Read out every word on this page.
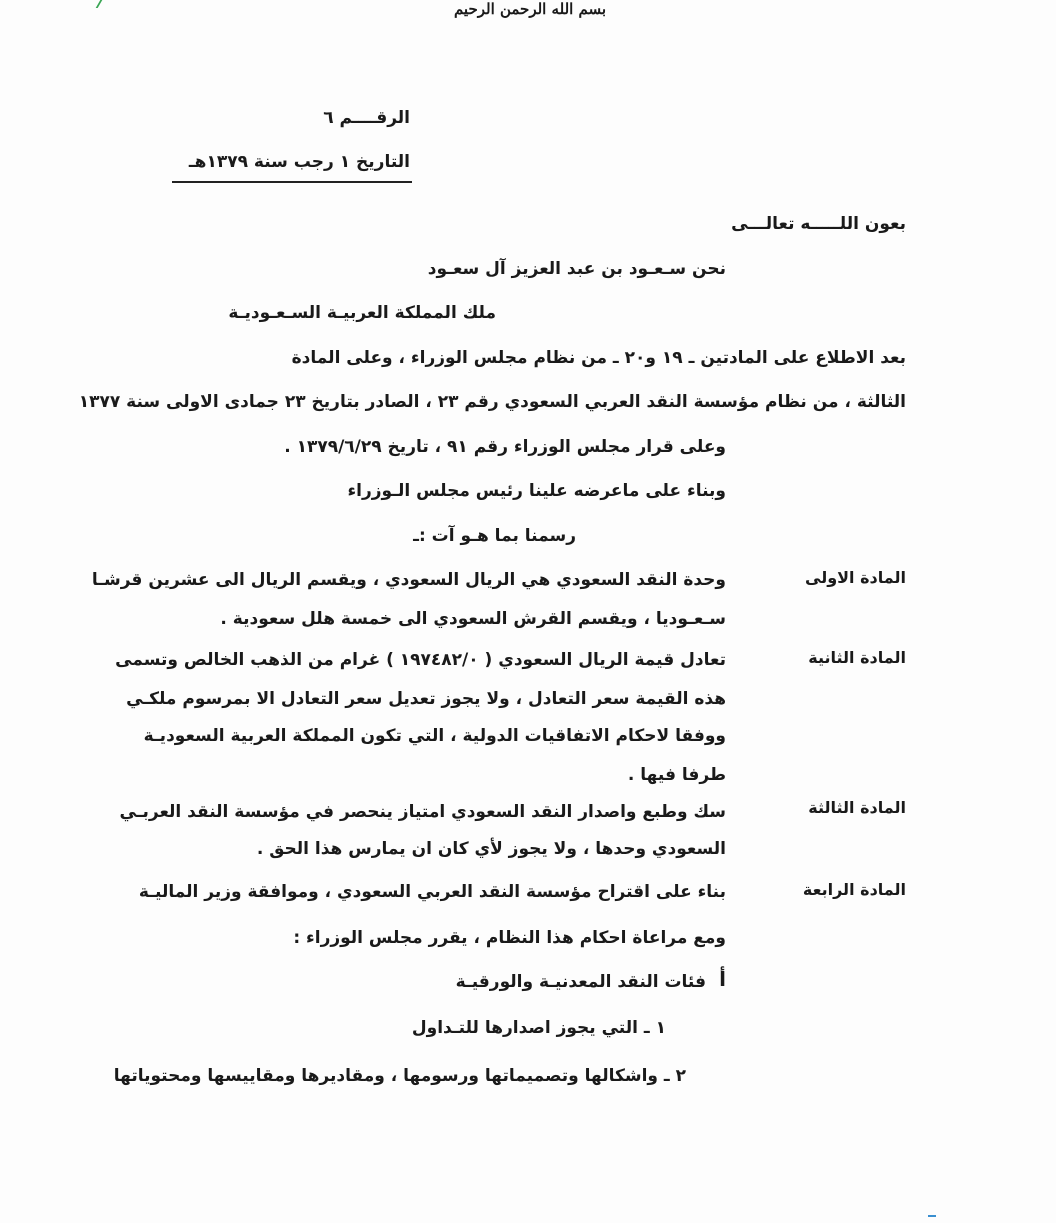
بسم الله الرحمن الرحيم
الرقــــم ٦
التاريخ ١ رجب سنة ١٣٧٩هـ
بعون اللـــــه تعالـــى
نحن سـعـود بن عبد العزيز آل سعـود
ملك المملكة العربيـة السـعـوديـة
بعد الاطلاع على المادتين ـ ١٩ و٢٠ ـ من نظام مجلس الوزراء ، وعلى المادة
الثالثة ، من نظام مؤسسة النقد العربي السعودي رقم ٢٣ ، الصادر بتاريخ ٢٣ جمادى الاولى سنة ١٣٧٧
وعلى قرار مجلس الوزراء رقم ٩١ ، تاريخ ١٣٧٩/٦/٢٩ .
وبناء على ماعرضه علينا رئيس مجلس الـوزراء
رسمنا بما هـو آت :ـ
المادة الاولى
وحدة النقد السعودي هي الريال السعودي ، ويقسم الريال الى عشرين قرشـا
سـعـوديا ، ويقسم القرش السعودي الى خمسة هلل سعودية .
المادة الثانية
تعادل قيمة الريال السعودي ( ١٩٧٤٨٢/٠ ) غرام من الذهب الخالص وتسمى
هذه القيمة سعر التعادل ، ولا يجوز تعديل سعر التعادل الا بمرسوم ملكـي
ووفقا لاحكام الاتفاقيات الدولية ، التي تكون المملكة العربية السعوديـة
طرفا فيها .
المادة الثالثة
سك وطبع واصدار النقد السعودي امتياز ينحصر في مؤسسة النقد العربـي
السعودي وحدها ، ولا يجوز لأي كان ان يمارس هذا الحق .
المادة الرابعة
بناء على اقتراح مؤسسة النقد العربي السعودي ، وموافقة وزير الماليـة
ومع مراعاة احكام هذا النظام ، يقرر مجلس الوزراء :
أ
فئات النقد المعدنيـة والورقيـة
١ ـ التي يجوز اصدارها للتـداول
٢ ـ واشكالها وتصميماتها ورسومها ، ومقاديرها ومقاييسها ومحتوياتها
